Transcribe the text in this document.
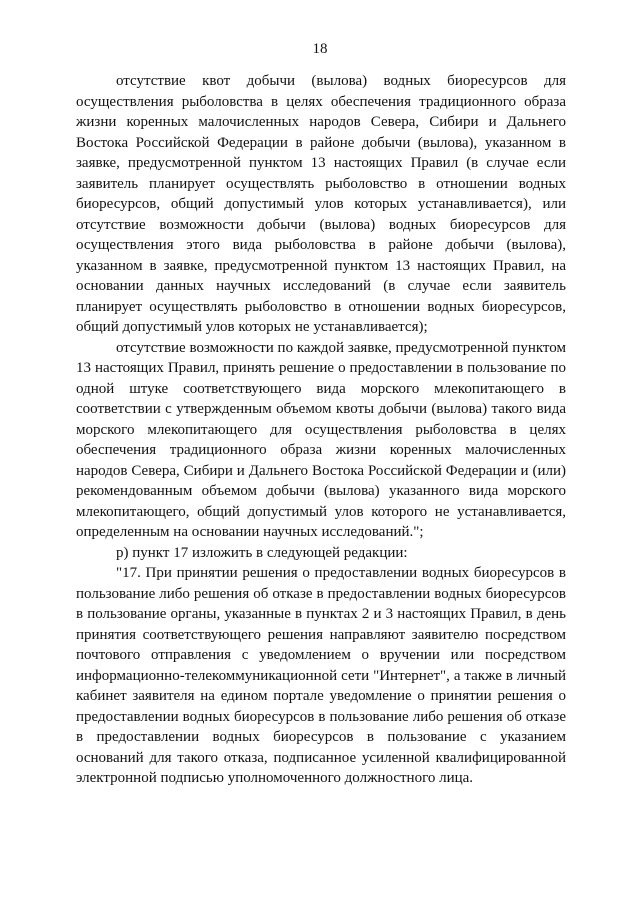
18

отсутствие квот добычи (вылова) водных биоресурсов для осуществления рыболовства в целях обеспечения традиционного образа жизни коренных малочисленных народов Севера, Сибири и Дальнего Востока Российской Федерации в районе добычи (вылова), указанном в заявке, предусмотренной пунктом 13 настоящих Правил (в случае если заявитель планирует осуществлять рыболовство в отношении водных биоресурсов, общий допустимый улов которых устанавливается), или отсутствие возможности добычи (вылова) водных биоресурсов для осуществления этого вида рыболовства в районе добычи (вылова), указанном в заявке, предусмотренной пунктом 13 настоящих Правил, на основании данных научных исследований (в случае если заявитель планирует осуществлять рыболовство в отношении водных биоресурсов, общий допустимый улов которых не устанавливается);

отсутствие возможности по каждой заявке, предусмотренной пунктом 13 настоящих Правил, принять решение о предоставлении в пользование по одной штуке соответствующего вида морского млекопитающего в соответствии с утвержденным объемом квоты добычи (вылова) такого вида морского млекопитающего для осуществления рыболовства в целях обеспечения традиционного образа жизни коренных малочисленных народов Севера, Сибири и Дальнего Востока Российской Федерации и (или) рекомендованным объемом добычи (вылова) указанного вида морского млекопитающего, общий допустимый улов которого не устанавливается, определенным на основании научных исследований.";

р) пункт 17 изложить в следующей редакции:

"17. При принятии решения о предоставлении водных биоресурсов в пользование либо решения об отказе в предоставлении водных биоресурсов в пользование органы, указанные в пунктах 2 и 3 настоящих Правил, в день принятия соответствующего решения направляют заявителю посредством почтового отправления с уведомлением о вручении или посредством информационно-телекоммуникационной сети "Интернет", а также в личный кабинет заявителя на едином портале уведомление о принятии решения о предоставлении водных биоресурсов в пользование либо решения об отказе в предоставлении водных биоресурсов в пользование с указанием оснований для такого отказа, подписанное усиленной квалифицированной электронной подписью уполномоченного должностного лица.
